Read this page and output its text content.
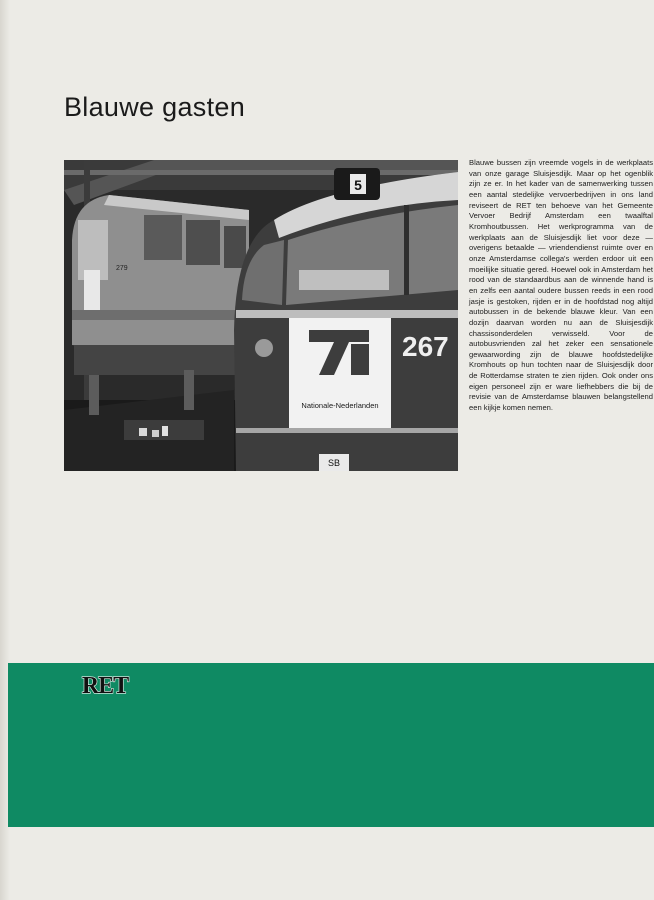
Blauwe gasten
279
5
Nationale-Nederlanden
267
SB

Blauwe bussen zijn vreemde vogels in de werkplaats van onze garage Sluisjesdijk. Maar op het ogenblik zijn ze er. In het kader van de samenwerking tussen een aantal stedelijke vervoerbedrijven in ons land reviseert de RET ten behoeve van het Gemeente Vervoer Bedrijf Amsterdam een twaalftal Kromhoutbussen. Het werkprogramma van de werkplaats aan de Sluisjesdijk liet voor deze — overigens betaalde — vriendendienst ruimte over en onze Amsterdamse collega's werden erdoor uit een moeilijke situatie gered. Hoewel ook in Amsterdam het rood van de standaardbus aan de winnende hand is en zelfs een aantal oudere bussen reeds in een rood jasje is gestoken, rijden er in de hoofdstad nog altijd autobussen in de bekende blauwe kleur. Van een dozijn daarvan worden nu aan de Sluisjesdijk chassisonderdelen verwisseld. Voor de autobusvrienden zal het zeker een sensationele gewaarwording zijn de blauwe hoofdstedelijke Kromhouts op hun tochten naar de Sluisjesdijk door de Rotterdamse straten te zien rijden. Ook onder ons eigen personeel zijn er ware liefhebbers die bij de revisie van de Amsterdamse blauwen belangstellend een kijkje komen nemen.

RET
